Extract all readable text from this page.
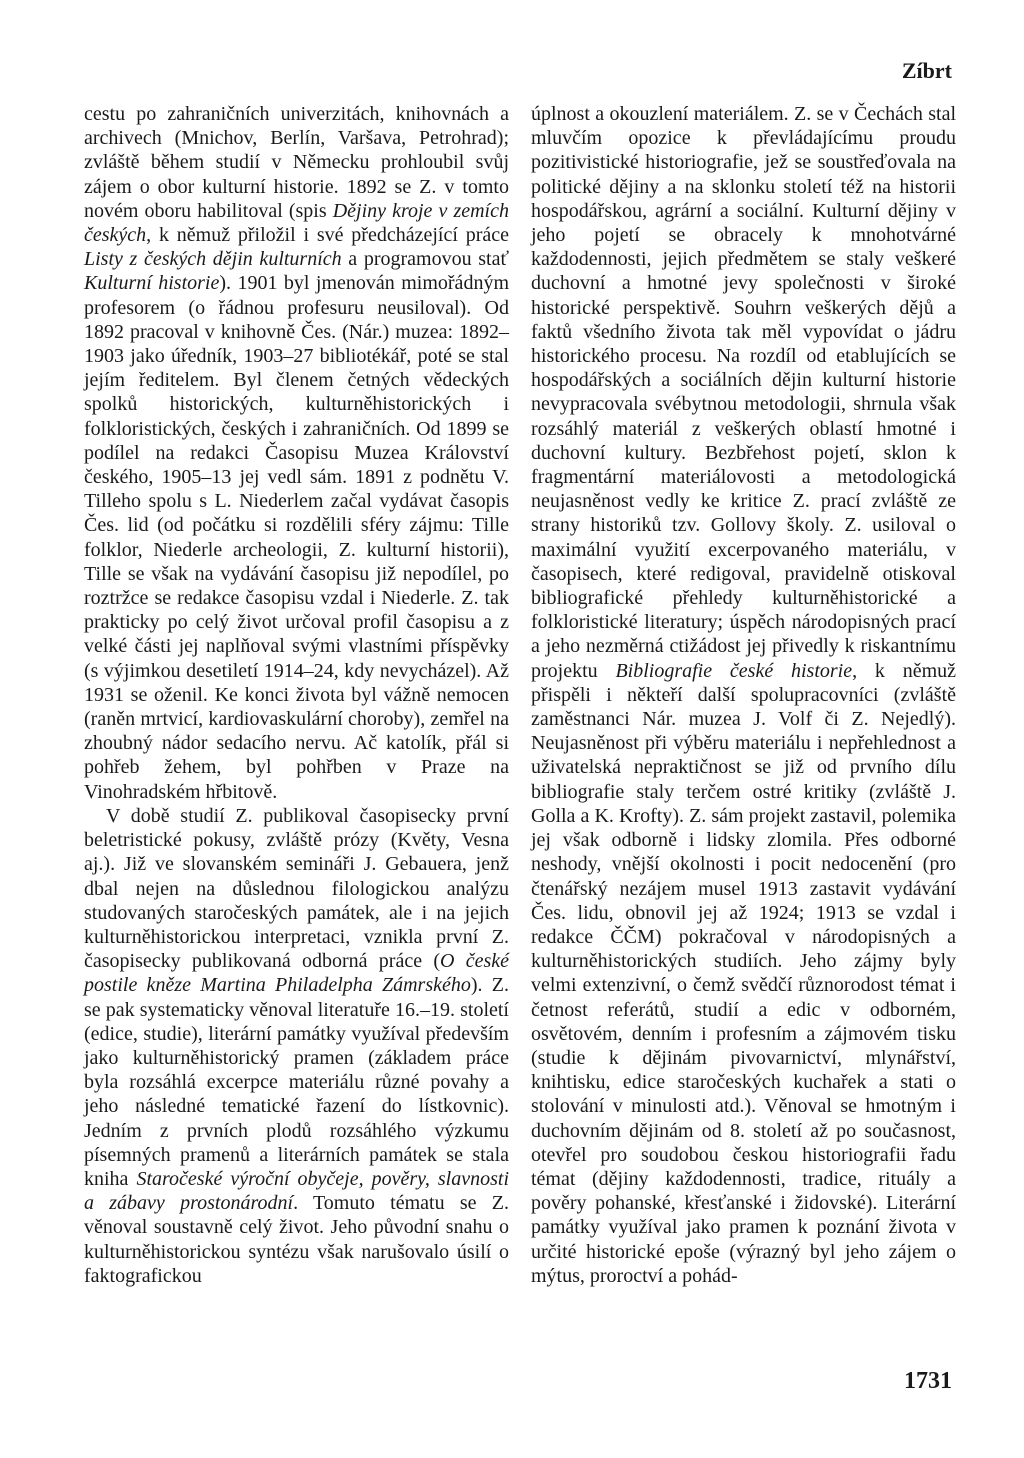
Zíbrt

cestu po zahraničních univerzitách, knihovnách a archivech (Mnichov, Berlín, Varšava, Petrohrad); zvláště během studií v Německu prohloubil svůj zájem o obor kulturní historie. 1892 se Z. v tomto novém oboru habilitoval (spis Dějiny kroje v zemích českých, k němuž přiložil i své předcházející práce Listy z českých dějin kulturních a programovou stať Kulturní historie). 1901 byl jmenován mimořádným profesorem (o řádnou profesuru neusiloval). Od 1892 pracoval v knihovně Čes. (Nár.) muzea: 1892–1903 jako úředník, 1903–27 bibliotékář, poté se stal jejím ředitelem. Byl členem četných vědeckých spolků historických, kulturněhistorických i folkloristických, českých i zahraničních. Od 1899 se podílel na redakci Časopisu Muzea Království českého, 1905–13 jej vedl sám. 1891 z podnětu V. Tilleho spolu s L. Niederlem začal vydávat časopis Čes. lid (od počátku si rozdělili sféry zájmu: Tille folklor, Niederle archeologii, Z. kulturní historii), Tille se však na vydávání časopisu již nepodílel, po roztržce se redakce časopisu vzdal i Niederle. Z. tak prakticky po celý život určoval profil časopisu a z velké části jej naplňoval svými vlastními příspěvky (s výjimkou desetiletí 1914–24, kdy nevycházel). Až 1931 se oženil. Ke konci života byl vážně nemocen (raněn mrtvicí, kardiovaskulární choroby), zemřel na zhoubný nádor sedacího nervu. Ač katolík, přál si pohřeb žehem, byl pohřben v Praze na Vinohradském hřbitově.

V době studií Z. publikoval časopisecky první beletristické pokusy, zvláště prózy (Květy, Vesna aj.). Již ve slovanském semináři J. Gebauera, jenž dbal nejen na důslednou filologickou analýzu studovaných staročeských památek, ale i na jejich kulturněhistorickou interpretaci, vznikla první Z. časopisecky publikovaná odborná práce (O české postile kněze Martina Philadelpha Zámrského). Z. se pak systematicky věnoval literatuře 16.–19. století (edice, studie), literární památky využíval především jako kulturněhistorický pramen (základem práce byla rozsáhlá excerpce materiálu různé povahy a jeho následné tematické řazení do lístkovnic). Jedním z prvních plodů rozsáhlého výzkumu písemných pramenů a literárních památek se stala kniha Staročeské výroční obyčeje, pověry, slavnosti a zábavy prostonárodní. Tomuto tématu se Z. věnoval soustavně celý život. Jeho původní snahu o kulturněhistorickou syntézu však narušovalo úsilí o faktografickou

úplnost a okouzlení materiálem. Z. se v Čechách stal mluvčím opozice k převládajícímu proudu pozitivistické historiografie, jež se soustřeďovala na politické dějiny a na sklonku století též na historii hospodářskou, agrární a sociální. Kulturní dějiny v jeho pojetí se obracely k mnohotvárné každodennosti, jejich předmětem se staly veškeré duchovní a hmotné jevy společnosti v široké historické perspektivě. Souhrn veškerých dějů a faktů všedního života tak měl vypovídat o jádru historického procesu. Na rozdíl od etablujících se hospodářských a sociálních dějin kulturní historie nevypracovala svébytnou metodologii, shrnula však rozsáhlý materiál z veškerých oblastí hmotné i duchovní kultury. Bezbřehost pojetí, sklon k fragmentární materiálovosti a metodologická neujasněnost vedly ke kritice Z. prací zvláště ze strany historiků tzv. Gollovy školy. Z. usiloval o maximální využití excerpovaného materiálu, v časopisech, které redigoval, pravidelně otiskoval bibliografické přehledy kulturněhistorické a folkloristické literatury; úspěch národopisných prací a jeho nezměrná ctižádost jej přivedly k riskantnímu projektu Bibliografie české historie, k němuž přispěli i někteří další spolupracovníci (zvláště zaměstnanci Nár. muzea J. Volf či Z. Nejedlý). Neujasněnost při výběru materiálu i nepřehlednost a uživatelská nepraktičnost se již od prvního dílu bibliografie staly terčem ostré kritiky (zvláště J. Golla a K. Krofty). Z. sám projekt zastavil, polemika jej však odborně i lidsky zlomila. Přes odborné neshody, vnější okolnosti i pocit nedocenění (pro čtenářský nezájem musel 1913 zastavit vydávání Čes. lidu, obnovil jej až 1924; 1913 se vzdal i redakce ČČM) pokračoval v národopisných a kulturněhistorických studiích. Jeho zájmy byly velmi extenzivní, o čemž svědčí různorodost témat i četnost referátů, studií a edic v odborném, osvětovém, denním i profesním a zájmovém tisku (studie k dějinám pivovarnictví, mlynářství, knihtisku, edice staročeských kuchařek a stati o stolování v minulosti atd.). Věnoval se hmotným i duchovním dějinám od 8. století až po současnost, otevřel pro soudobou českou historiografii řadu témat (dějiny každodennosti, tradice, rituály a pověry pohanské, křesťanské i židovské). Literární památky využíval jako pramen k poznání života v určité historické epoše (výrazný byl jeho zájem o mýtus, proroctví a pohád-

1731
